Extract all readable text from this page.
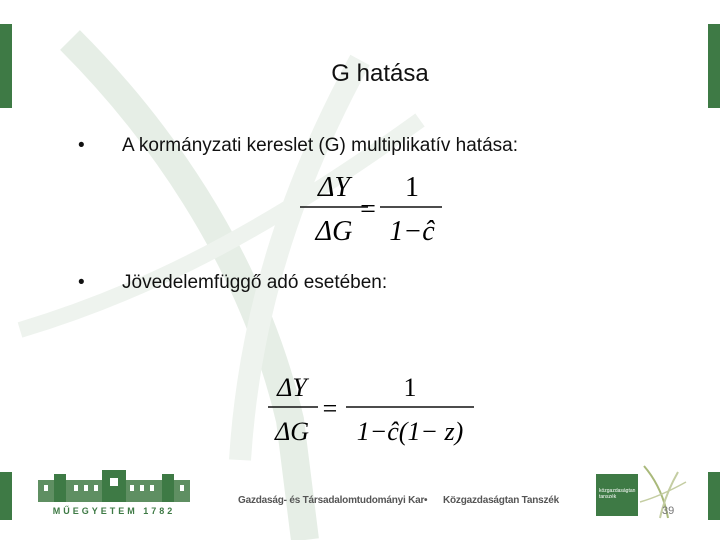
G hatása
• A kormányzati kereslet (G) multiplikatív hatása:
ΔY
ΔG
=
1
1−ĉ
• Jövedelemfüggő adó esetében:
ΔY
ΔG
=
1
1−ĉ(1− z)
MŰEGYETEM 1782
Gazdaság- és Társadalomtudományi Kar • Közgazdaságtan Tanszék
közgazdaságtan tanszék
39
